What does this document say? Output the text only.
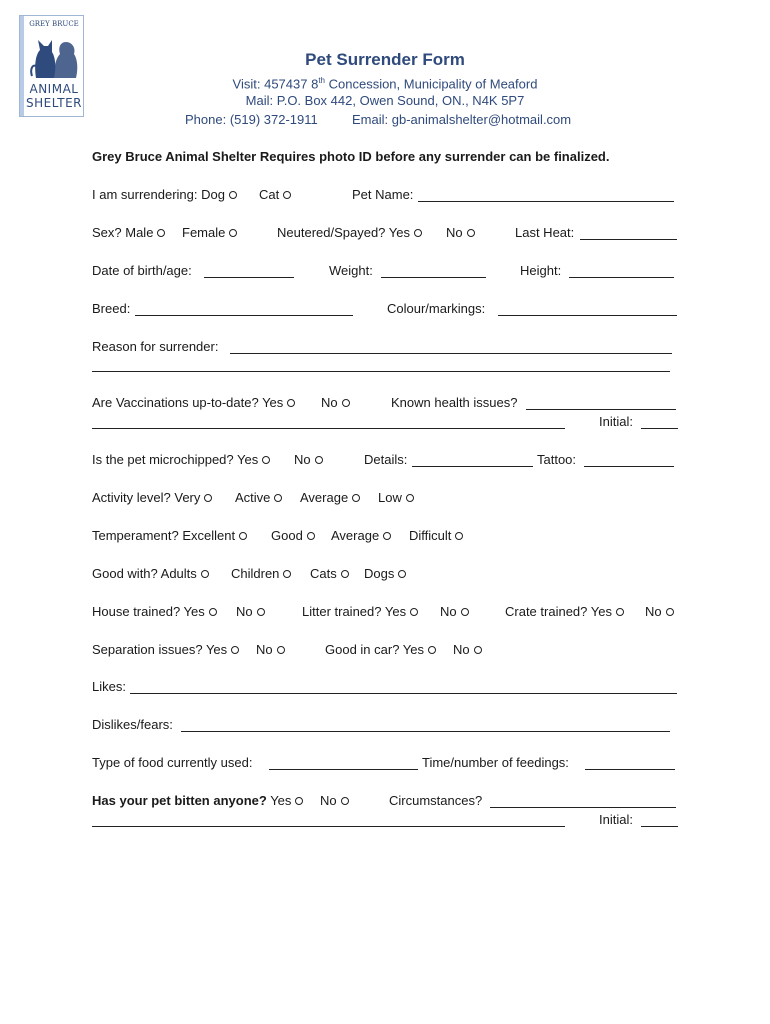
GREY BRUCE
ANIMAL
SHELTER
Pet Surrender Form
Visit: 457437 8th Concession, Municipality of Meaford
Mail: P.O. Box 442, Owen Sound, ON., N4K 5P7
Phone: (519) 372-1911	Email: gb-animalshelter@hotmail.com
Grey Bruce Animal Shelter Requires photo ID before any surrender can be finalized.
I am surrendering: Dog	Cat	Pet Name:
Sex? Male	Female	Neutered/Spayed? Yes	No	Last Heat:
Date of birth/age:	Weight:	Height:
Breed:	Colour/markings:
Reason for surrender:
Are Vaccinations up-to-date? Yes	No	Known health issues?
Initial:
Is the pet microchipped? Yes	No	Details:	Tattoo:
Activity level? Very	Active	Average	Low
Temperament? Excellent	Good	Average	Difficult
Good with? Adults	Children	Cats	Dogs
House trained? Yes	No	Litter trained? Yes	No	Crate trained? Yes	No
Separation issues? Yes	No	Good in car? Yes	No
Likes:
Dislikes/fears:
Type of food currently used:	Time/number of feedings:
Has your pet bitten anyone? Yes	No	Circumstances?
Initial:
